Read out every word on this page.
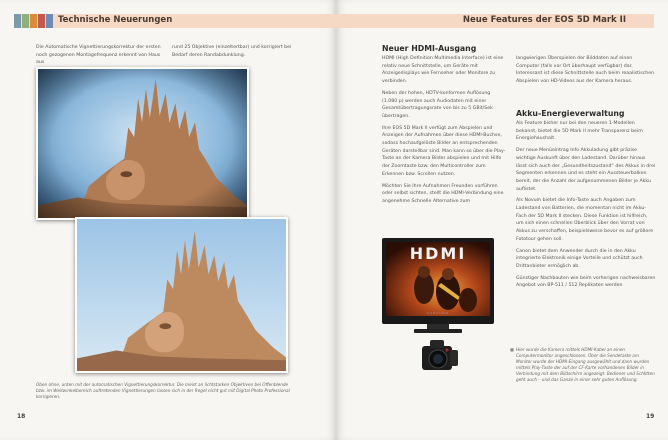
Technische Neuerungen
Die Automatische Vignettierungskorrektur der ersten noch gezogenen Montagefrequenz erkennt von Haus aus
rund 25 Objektive (einzeltertbar) und korrigiert bei Bedarf deren Randabdunklung.
Oben ohne, unten mit der automatischen Vignettierungskorrektur. Die meist an lichtstarken Objektiven bei Offenblende bzw. im Weitwinkelbereich auftretenden Vignettierungen lassen sich in der Regel nicht gut mit Digital Photo Professional korrigieren.
18
Neue Features der EOS 5D Mark II
Neuer HDMI-Ausgang

HDMI (High Definition Multimedia Interface) ist eine relativ neue Schnittstelle, um Geräte mit Anzeigedisplays wie Fernseher oder Monitore zu verbinden.

Neben der hohen, HDTV-konformen Auflösung (1.080 p) werden auch Audiodaten mit einer Gesamtübertragungsrate von bis zu 5 GBit/Sek übertragen.

Ihre EOS 5D Mark II verfügt zum Abspielen und Anzeigen der Aufnahmen über diese HDMI-Buchse, sodass hochaufgelöste Bilder an entsprechenden Geräten darstellbar sind. Man kann so über die Play-Taste an der Kamera Bilder abspielen und mit Hilfe der Zoomtaste bzw. den Multicontroller zum Erkennen bzw. Scrollen nutzen.

Möchten Sie Ihre Aufnahmen Freunden vorführen oder selbst sichten, stellt die HDMI-Verbindung eine angenehme Schnelle Alternative zum

langwierigen Überspielen der Bilddaten auf einen Computer (falls vor Ort überhaupt verfügbar) dar. Interessant ist diese Schnittstelle auch beim reaalistischen Abspielen von HD-Videos aus der Kamera heraus.
Akku-Energieverwaltung

Als Feature bisher nur bei den neueren 1-Modellen bekannt, bietet die 5D Mark II mehr Transparenz beim Energiehaushalt.

Der neue Menüeintrag Info Akkuladung gibt präzise wichtige Auskunft über den Ladestand. Darüber hinaus lässt sich auch der „Gesundheitszustand“ des Akkus in drei Segmenten erkennen und es steht ein Aussteuerbalken bereit, der die Anzahl der aufgenommenen Bilder je Akku auflistet.

Als Novum bietet die Info-Taste auch Angaben zum Ladestand von Batterien, die momentan nicht im Akku-Fach der 5D Mark II stecken. Diese Funktion ist hilfreich, um sich einen schnellen Überblick über den Vorrat von Akkus zu verschaffen, beispielsweise bevor es auf größere Fototour gehen soll.

Canon bietet dem Anwender durch die in den Akku integrierte Elektronik einige Vorteile und schützt auch Drittanbieter ermöglich ab.

Günstiger Nachbauten wie beim vorherigen nachweisbaren Angebot von BP-511 / 512 Replikaten werden

HDMI
SAMSUNG
■ Hier wurde die Kamera mittels HDMI-Kabel an einen Computermonitor angeschlossen. Über die Sendetaste am Monitor wurde der HDMI-Eingang ausgewählt und dann wurden mittels Play-Taste der auf der CF-Karte vorhandenen Bilder in Verbindung mit dem Bildschirm angezeigt. Bediener und Schlitten geht auch – und das Ganze in einer sehr guten Auflösung.
19
